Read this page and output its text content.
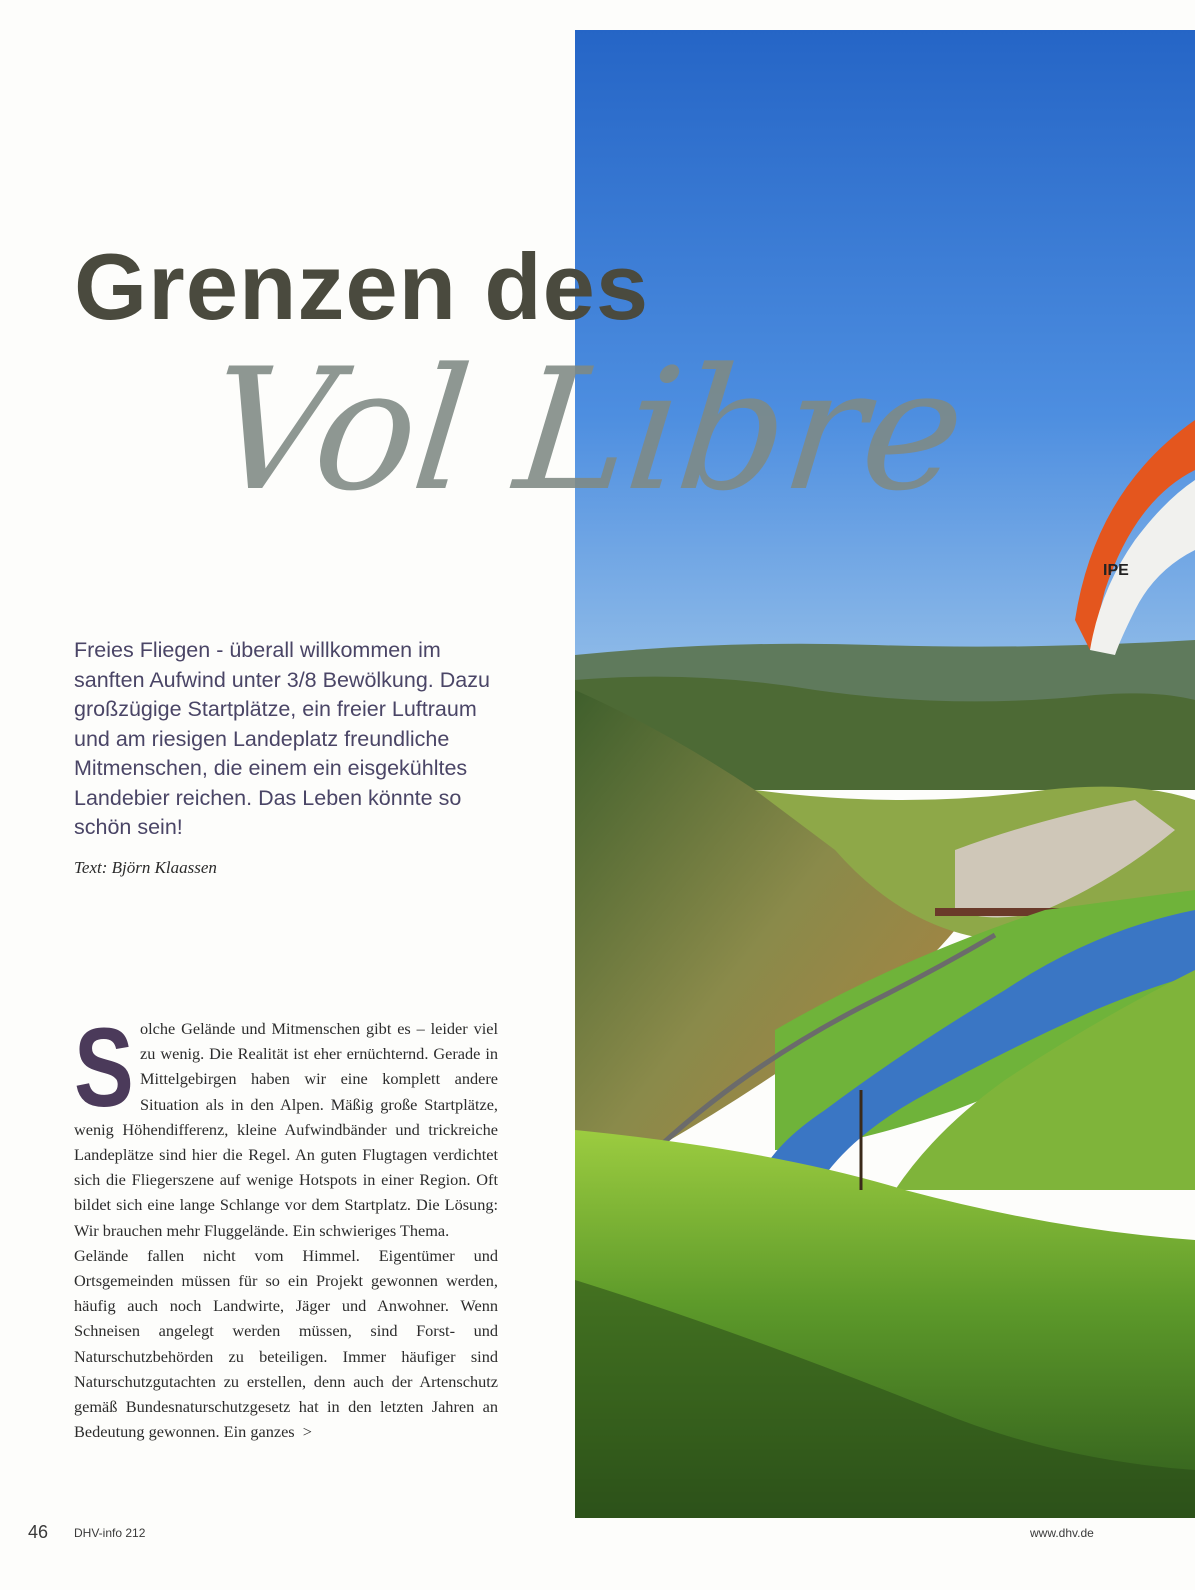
IPE
Grenzen des
Vol Libre

Freies Fliegen - überall willkommen im sanften Aufwind unter 3/8 Bewölkung. Dazu großzügige Startplätze, ein freier Luftraum und am riesigen Landeplatz freundliche Mitmenschen, die einem ein eisgekühltes Landebier reichen. Das Leben könnte so schön sein!

Text: Björn Klaassen

Solche Gelände und Mitmenschen gibt es – leider viel zu wenig. Die Realität ist eher ernüchternd. Gerade in Mittelgebirgen haben wir eine komplett andere Situation als in den Alpen. Mäßig große Startplätze, wenig Höhendifferenz, kleine Aufwindbänder und trickreiche Landeplätze sind hier die Regel. An guten Flugtagen verdichtet sich die Fliegerszene auf wenige Hotspots in einer Region. Oft bildet sich eine lange Schlange vor dem Startplatz. Die Lösung: Wir brauchen mehr Fluggelände. Ein schwieriges Thema.

Gelände fallen nicht vom Himmel. Eigentümer und Ortsgemeinden müssen für so ein Projekt gewonnen werden, häufig auch noch Landwirte, Jäger und Anwohner. Wenn Schneisen angelegt werden müssen, sind Forst- und Naturschutzbehörden zu beteiligen. Immer häufiger sind Naturschutzgutachten zu erstellen, denn auch der Artenschutz gemäß Bundesnaturschutzgesetz hat in den letzten Jahren an Bedeutung gewonnen. Ein ganzes >

46 DHV-info 212	www.dhv.de
